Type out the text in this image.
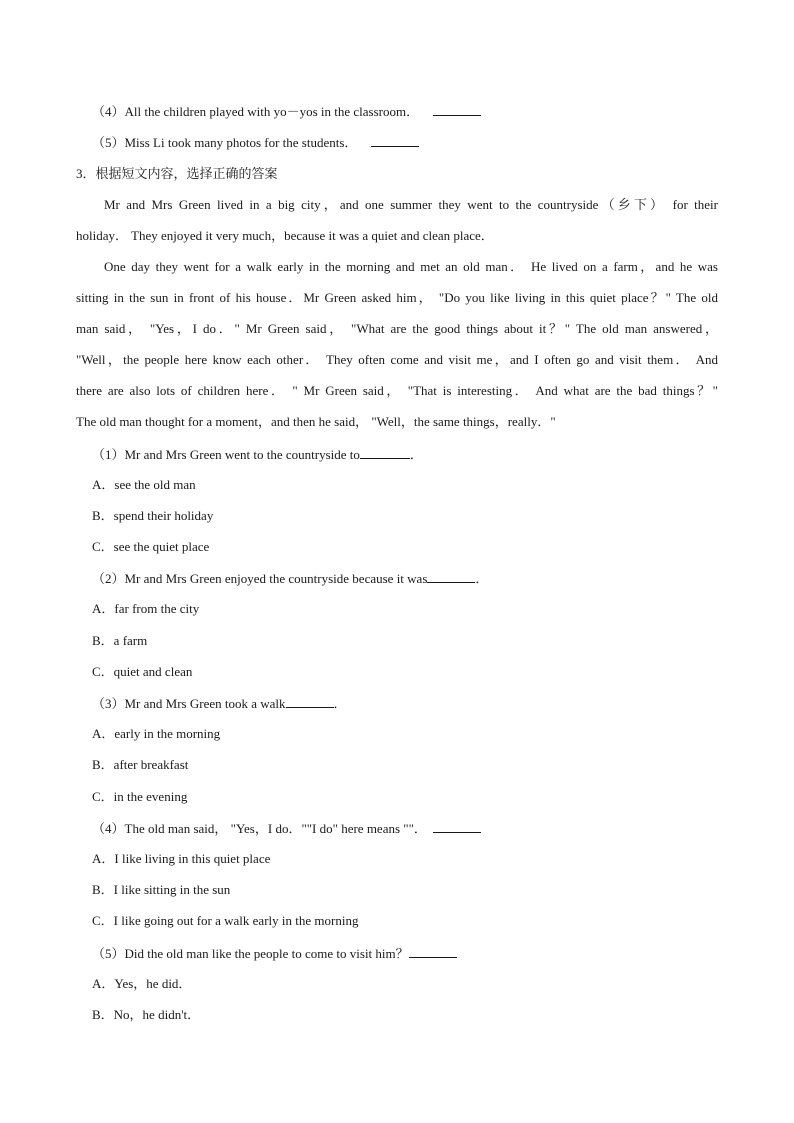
（4）All the children played with yo－yos in the classroom．
（5）Miss Li took many photos for the students．
3．根据短文内容，选择正确的答案
Mr and Mrs Green lived in a big city，and one summer they went to the countryside（乡下） for their
holiday． They enjoyed it very much，because it was a quiet and clean place．
One day they went for a walk early in the morning and met an old man． He lived on a farm，and he was
sitting in the sun in front of his house．Mr Green asked him， "Do you like living in this quiet place？" The old
man said， "Yes，I do．" Mr Green said， "What are the good things about it？" The old man answered，
"Well，the people here know each other． They often come and visit me，and I often go and visit them． And
there are also lots of children here． " Mr Green said， "That is interesting． And what are the bad things？"
The old man thought for a moment，and then he said， "Well，the same things，really．"
（1）Mr and Mrs Green went to the countryside to	．
A．see the old man
B．spend their holiday
C．see the quiet place
（2）Mr and Mrs Green enjoyed the countryside because it was	．
A．far from the city
B．a farm
C．quiet and clean
（3）Mr and Mrs Green took a walk	．
A．early in the morning
B．after breakfast
C．in the evening
（4）The old man said， "Yes，I do．""I do" here means ""．
A．I like living in this quiet place
B．I like sitting in the sun
C．I like going out for a walk early in the morning
（5）Did the old man like the people to come to visit him？
A．Yes，he did．
B．No，he didn't．
